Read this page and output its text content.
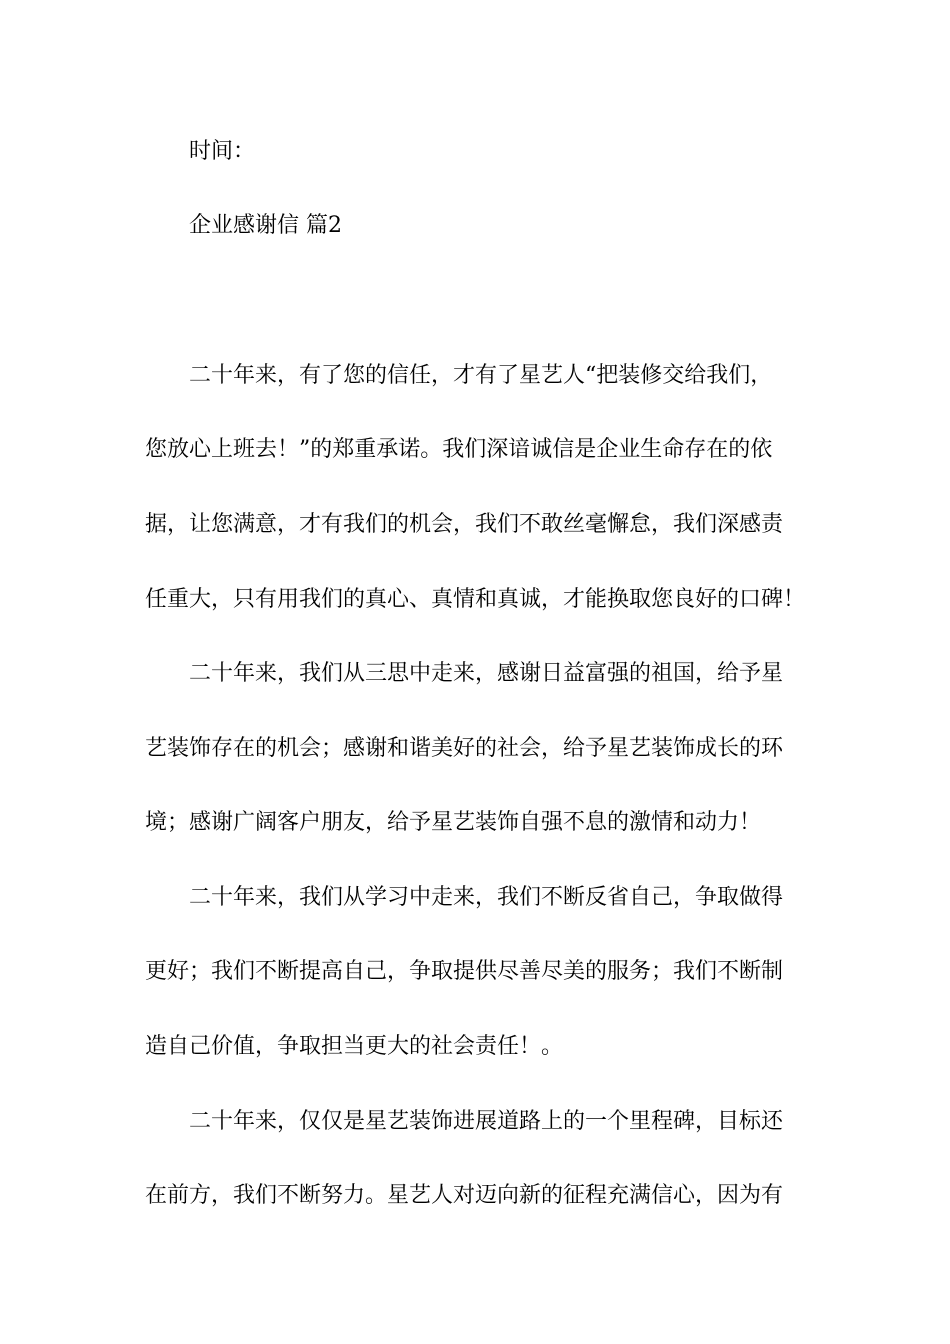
时间：
企业感谢信 篇2
二十年来，有了您的信任，才有了星艺人“把装修交给我们，
您放心上班去！”的郑重承诺。我们深谙诚信是企业生命存在的依
据，让您满意，才有我们的机会，我们不敢丝毫懈怠，我们深感责
任重大，只有用我们的真心、真情和真诚，才能换取您良好的口碑！
二十年来，我们从三思中走来，感谢日益富强的祖国，给予星
艺装饰存在的机会；感谢和谐美好的社会，给予星艺装饰成长的环
境；感谢广阔客户朋友，给予星艺装饰自强不息的激情和动力！
二十年来，我们从学习中走来，我们不断反省自己，争取做得
更好；我们不断提高自己，争取提供尽善尽美的服务；我们不断制
造自己价值，争取担当更大的社会责任！。
二十年来，仅仅是星艺装饰进展道路上的一个里程碑，目标还
在前方，我们不断努力。星艺人对迈向新的征程充满信心，因为有
